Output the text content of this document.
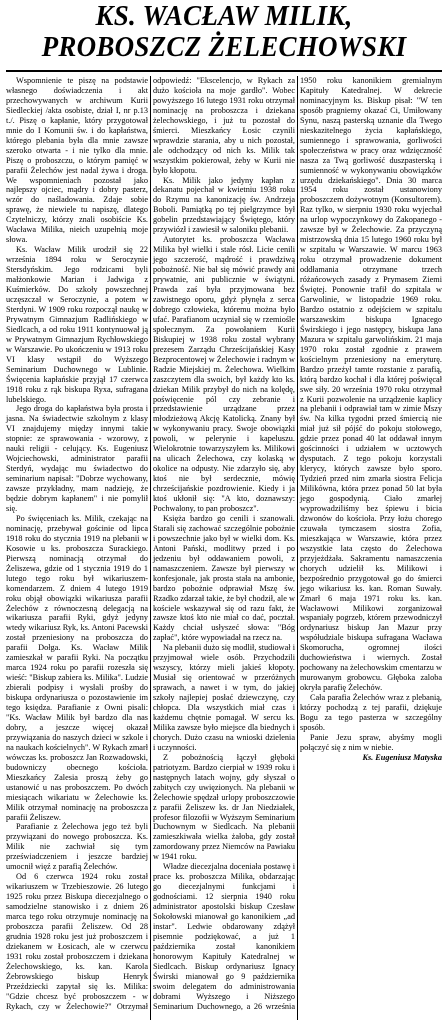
KS. WACŁAW MILIK,
PROBOSZCZ ŻELECHOWSKI

Wspomnienie te piszę na podstawie własnego doświadczenia i akt przechowywanych w archiwum Kurii Siedleckiej /akta osobiste, dział I, nr p.13 t./. Piszę o kapłanie, który przygotował mnie do I Komunii św. i do kapłaństwa, którego plebania była dla mnie zawsze szeroko otwarta - i nie tylko dla mnie. Piszę o proboszczu, o którym pamięć w parafii Żelechów jest nadal żywa i droga. We wspomnieniach pozostał jako najlepszy ojciec, mądry i dobry pasterz, wzór do naśladowania. Zdaje sobie sprawę, że niewiele tu napiszę, dlatego Czytelniczy, którzy znali osobiście Ks. Wacława Milika, nieich uzupełnią moje słowa.

Ks. Wacław Milik urodził się 22 września 1894 roku w Seroczynie Stersdyńskim. Jego rodzicami byli małżonkowie Marian i Jadwiga z Kuśmierków. Do szkoły powszechnej uczęszczał w Seroczynie, a potem w Sterdyni. W 1909 roku rozpoczął naukę w Prywatnym Gimnazjum Radlińskiego w Siedlcach, a od roku 1911 kontynuował ją w Prywatnym Gimnazjum Rychłowskiego w Warszawie. Po ukończeniu w 1913 roku VI klasy wstąpił do Wyższego Seminarium Duchownego w Lublinie. Święcenia kapłańskie przyjął 17 czerwca 1918 roku z rąk biskupa Ryxa, sufragana lubelskiego.

Jego droga do kapłaństwa była prosta i jasna. Na świadectwie szkolnym z klasy VI znajdujemy między innymi takie stopnie: ze sprawowania - wzorowy, z nauki religii - celujący. Ks. Eugeniusz Wojciechowski, administrator parafii Sterdyń, wydając mu świadectwo do seminarium napisał: "Dobrze wychowany, zawsze przykładny, mam nadzieję, że będzie dobrym kapłanem" i nie pomylił się.

Po święceniach ks. Milik, czekając na nominację, przebywał gościnie od lipca 1918 roku do stycznia 1919 na plebanii w Kosowie u ks. proboszcza Surackiego. Pierwszą nominacją otrzymał do Żeliszewa, gdzie od 1 stycznia 1919 do 1 lutego tego roku był wikariuszem-komendarzem. Z dniem 4 lutego 1919 roku objął obowiązki wikariusza parafii Żelechów z równoczesną delegacją na wikariusza parafii Ryki, gdyż jedyny wtedy wikariusz Ryk, ks. Antoni Pacewski został przeniesiony na proboszcza do parafii Dołga. Ks. Wacław Milik zamieszkał w parafii Ryki. Na początku marca 1924 roku po parafii rozeszła się wieść: "Biskup zabiera ks. Milika". Ludzie zbierali podpisy i wysłali prośby do biskupa ordynariusza o pozostawienie im tego księdza. Parafianie z Owni pisali: "Ks. Wacław Milik był bardzo dla nas dobry, a jeszcze więcej okazał przywiązania do naszych dzieci w szkole i na naukach kościelnych". W Rykach zmarł wówczas ks. proboszcz Jan Rozwadowski, budowniczy obecnego kościoła. Mieszkańcy Zalesia proszą żeby go ustanowić u nas proboszczem. Po dwóch miesiącach wikariatu w Żelechowie ks. Milik otrzymał nominację na proboszcza parafii Żeliszew.

Parafianie z Żelechowa jego też byli przywiązani do nowego proboszcza. Ks. Milik nie zachwiał się tym przeświadczeniem i jeszcze bardziej umocnił więź z parafią Żelechów.

Od 6 czerwca 1924 roku został wikariuszem w Trzebieszowie. 26 lutego 1925 roku przez Biskupa diecezjalnego o samodzielne stanowisko i z dniem 26 marca tego roku otrzymuje nominację na proboszcza parafii Żeliszew. Od 28 grudnia 1928 roku jest już proboszczem i dziekanem w Łosicach, ale w czerwcu 1931 roku został proboszczem i dziekana Żelechowskiego, ks. kan. Karola Żebrowskiego biskup Henryk Przeździecki zapytał się ks. Milika: "Gdzie chcesz być proboszczem - w Rykach, czy w Żelechowie?" Otrzymał odpowiedź: "Ekscelencjo, w Rykach za dużo kościoła na moje gardło". Wobec powyższego 16 lutego 1931 roku otrzymał nominację na proboszcza i dziekana żelechowskiego, i już tu pozostał do śmierci. Mieszkańcy Łosic czynili wprawdzie starania, aby u nich pozostał, ale odchodzący od nich ks. Milik tak wszystkim pokierował, żeby w Kurii nie było kłopotu.

Ks. Milik jako jedyny kapłan z dekanatu pojechał w kwietniu 1938 roku do Rzymu na kanonizację św. Andrzeja Boboli. Pamiątką po tej pielgrzymce był gobelin przedstawiający Świętego, który przywiózł i zawiesił w saloniku plebanii.

Autorytet ks. proboszcza Wacława Milika był wielki i stale rósł. Licie cenili jego szczerość, mądrość i prawdziwą pobożność. Nie bał się mówić prawdy ani prywatnie, ani publicznie w świątyni. Prawda zaś była przyjmowana bez zawistnego oporu, gdyż płynęła z serca dobrego człowieka, któremu można było ufać. Parafianom uczyniał się w rzemiośle społecznym. Za powołaniem Kurii Biskupiej w 1938 roku został wybrany prezesem Zarządu Chrześcijańskiej Kasy Bezprocentowej w Żelechowie i radnym w Radzie Miejskiej m. Żelechowa. Wielkim zaszczytem dla swoich, był każdy kto ks. dziekan Milik przybył do nich na kolędę, poświęcenie pól czy zebranie i przedstawienie urządzane przez młodzieżową Akcję Katolicką. Znany był w wykonywaniu pracy. Swoje obowiązki powoli, w pelerynie i kapeluszu. Wielokrotnie towarzyszyłem ks. Milikowi na ulicach Żelechowa, czy kolaską w okolice na odpusty. Nie zdarzyło się, aby ktoś nie był serdecznie, mówię chrześcijańskie pozdrowienie. Kiedy i ja ktoś ukłonił się: "A kto, doznawszy: Pochwalony, to pan proboszcz".

Księża bardzo go cenili i szanowali. Starali się zachować szczególnie pobożnie i powszechnie jako był w wielki dom. Ks. Antoni Pański, modlitwy przed i po jedzeniu był oddawaniem powoli, z namaszczeniem. Zawsze był pierwszy w konfesjonale, jak prosta stała na ambonie, bardzo pobożnie odprawiał Mszę św. Rzadko zdarzał takie, że był chodził, ale w kościele wskazywał się od razu fakt, że zawsze ktoś kto nie miał co dać, pocztał. Każdy chciał usłyszeć słowa: "Bóg zapłać", które wypowiadał na rzecz na.

Na plebanii dużo się modlił, studiował i przyjmował wiele osób. Przychodzili wszyscy, którzy mieli jakieś kłopoty. Musiał się orientować w przeróżnych sprawach, a nawet i w tym, do jakiej szkoły najlepiej posłać dziewczynę, czy chłopca. Dla wszystkich miał czas i każdemu chętnie pomagał. W sercu ks. Milika zawsze było miejsce dla biednych i chorych. Dużo czasu na wnioski dzielenia i uczynności.

Z pobożnością łączył głęboki patriotyzm. Bardzo cierpiał w 1939 roku i następnych latach wojny, gdy słyszał o zabitych czy uwięzionych. Na plebanii w Żelechowie spędzał urlopy proboszczowie z parafii Żeliszew ks. dr Jan Niedziałek, profesor filozofii w Wyższym Seminarium Duchownym w Siedlcach. Na plebanii zamieszkiwała wielka żałoba, gdy został zamordowany przez Niemców na Pawiaku w 1941 roku.

Władze diecezjalna doceniała postawę i prace ks. proboszcza Milika, obdarzając go diecezjalnymi funkcjami i godnościami. 12 sierpnia 1940 roku administrator apostolski biskup Czesław Sokołowski mianował go kanonikiem „ad instar". Ledwie obdarowany zdążył pisemnie podziękować, a już 1 października został kanonikiem honorowym Kapituły Katedralnej w Siedlcach. Biskup ordynariusz Ignacy Świrski mianował go 9 października swoim delegatem do administrowania dobrami Wyższego i Niższego Seminarium Duchownego, a 26 września 1950 roku kanonikiem gremialnym Kapituły Katedralnej. W dekrecie nominacyjnym ks. Biskup pisał: "W ten sposób pragniemy okazać Ci, Umiłowany Synu, naszą pasterską uznanie dla Twego nieskazitelnego życia kapłańskiego, sumiennego i sprawowania, gorliwości społeczeństwa w pracy oraz wdzięczność nasza za Twą gorliwość duszpasterską i sumienność w wykonywaniu obowiązków urzędu dziekańskiego". Dnia 30 marca 1954 roku został ustanowiony proboszczem dożywotnym (Konsultorem). Raz tylko, w sierpniu 1930 roku wyjechał na urlop wypoczynkowy do Zakopanego - zawsze był w Żelechowie. Za przyczyną mistrzowską dnia 15 lutego 1960 roku był w szpitalu w Warszawie. W marcu 1963 roku otrzymał prowadzenie dokument oddłamania otrzymane trzech różańcowych zasady z Prymasem Ziemi Świętej. Ponownie trafił do szpitala w Garwolinie, w listopadzie 1969 roku. Bardzo ostatnio z odejściem w szpitalu warszawskim biskupa Ignacego Świrskiego i jego następcy, biskupa Jana Mazura w szpitalu garwolińskim. 21 maja 1970 roku został zgodnie z prawem kościelnym przeniesiony na emeryturę. Bardzo przeżył tamte rozstanie z parafią, którą bardzo kochał i dla której poświęcał swe siły. 20 września 1970 roku otrzymał z Kurii pozwolenie na urządzenie kaplicy na plebanii i odprawiał tam w zimie Mszy św. Na kilka tygodni przed śmiercią nie miał już sił pójść do pokoju stołowego, gdzie przez ponad 40 lat oddawał innym gościnności i udziałem w ucztowych dysputach. Z tego pokoju korzystali klerycy, których zawsze było sporo. Tydzień przed nim zmarła siostra Felicja Milikówna, która przez ponad 50 lat była jego gospodynią. Ciało zmarłej wyprowadziliśmy bez śpiewu i bicia dzwonów do kościoła. Przy łożu chorego czuwała tymczasem siostra Zofia, mieszkająca w Warszawie, która przez wszystkie lata często do Żelechowa przyjeżdżała. Sakramentu namaszczenia chorych udzielił ks. Milikowi i bezpośrednio przygotował go do śmierci jego wikariusz ks. kan. Roman Suwały. Zmarł 6 maja 1971 roku ks. kan. Wacławowi Milikowi zorganizował wspaniały pogrzeb, którem przewodniczył ordynariusz biskup Jan Mazur przy współudziale biskupa sufragana Wacława Skomorucha, ogromnej ilości duchowieństwa i wiernych. Został pochowany na żelechowskim cmentarzu w murowanym grobowcu. Głęboka zaloba okryła parafię Żelechów.

Cała parafia Żelechów wraz z plebanią, którzy pochodzą z tej parafii, dziękuje Bogu za tego pasterza w szczególny sposób.

Panie Jezu spraw, abyśmy mogli połączyć się z nim w niebie.

Ks. Eugeniusz Matyska
